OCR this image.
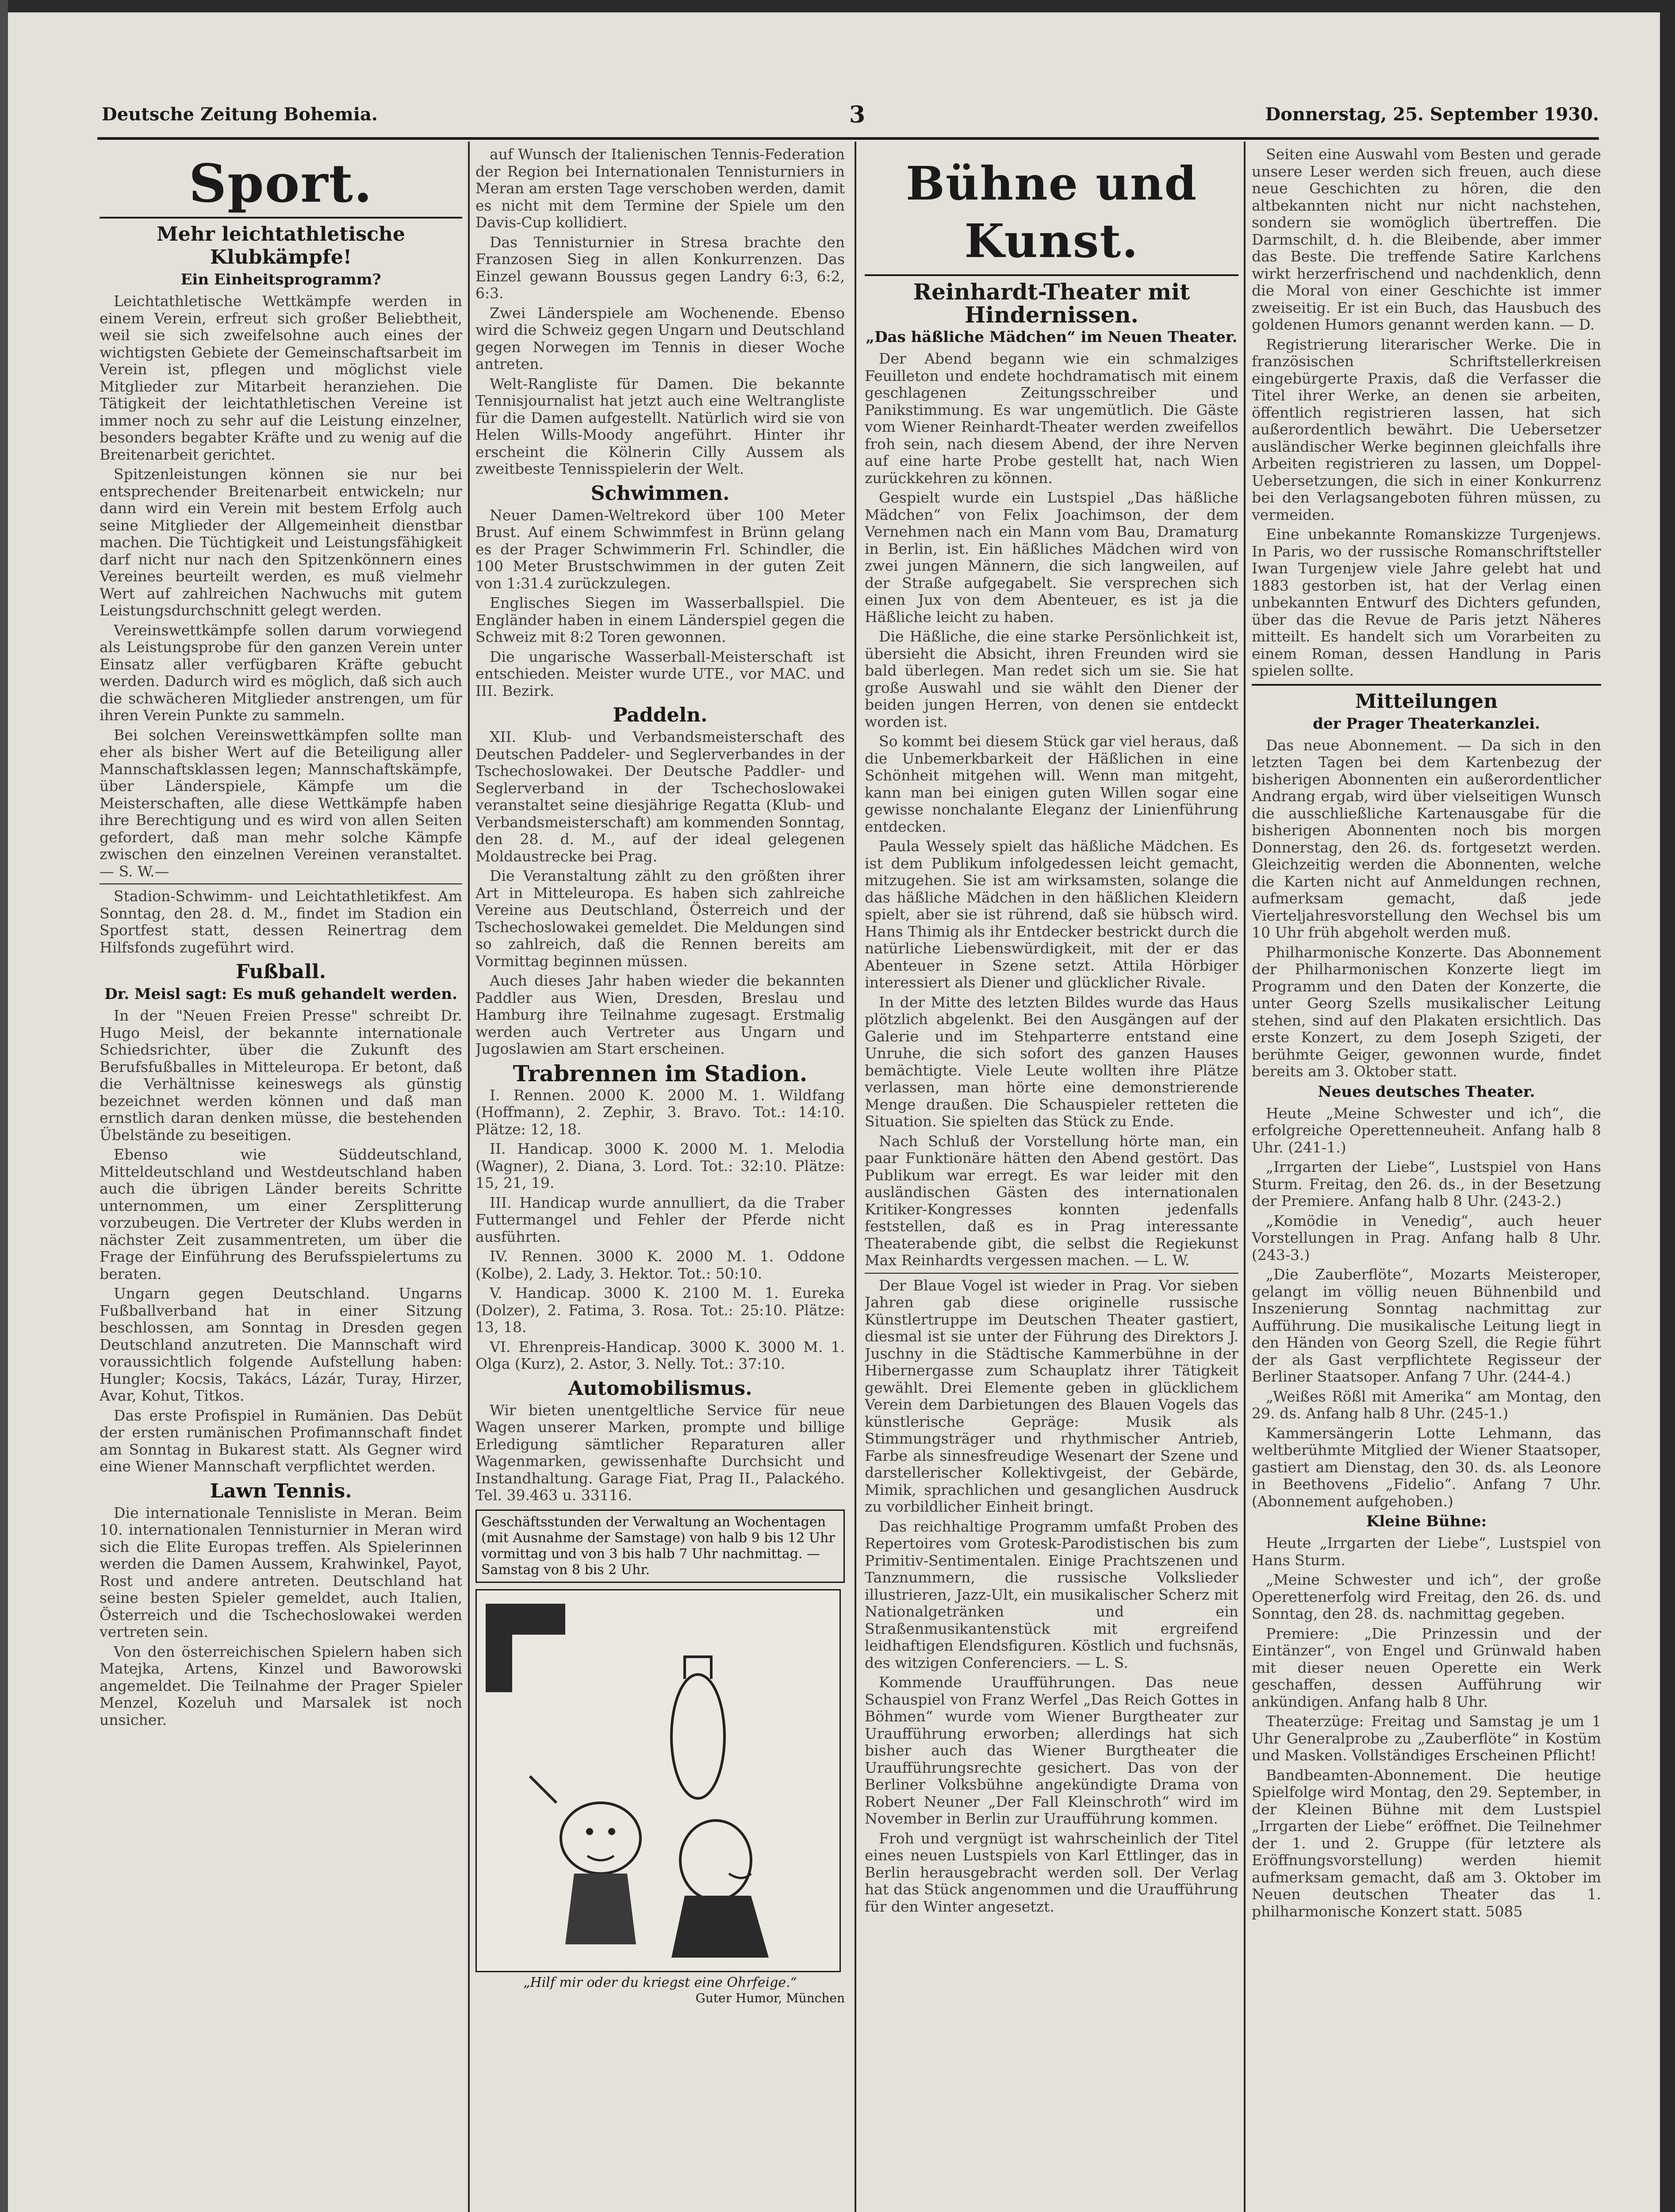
Deutsche Zeitung Bohemia.	3	Donnerstag, 25. September 1930.
Sport.
Mehr leichtathletische Klubkämpfe!
Ein Einheitsprogramm?

Leichtathletische Wettkämpfe werden in einem Verein, erfreut sich großer Beliebtheit, weil sie sich zweifelsohne auch eines der wichtigsten Gebiete der Gemeinschaftsarbeit im Verein ist, pflegen und möglichst viele Mitglieder zur Mitarbeit heranziehen. Die Tätigkeit der leichtathletischen Vereine ist immer noch zu sehr auf die Leistung einzelner, besonders begabter Kräfte und zu wenig auf die Breitenarbeit gerichtet.

Spitzenleistungen können sie nur bei entsprechender Breitenarbeit entwickeln; nur dann wird ein Verein mit bestem Erfolg auch seine Mitglieder der Allgemeinheit dienstbar machen. Die Tüchtigkeit und Leistungsfähigkeit darf nicht nur nach den Spitzenkönnern eines Vereines beurteilt werden, es muß vielmehr Wert auf zahlreichen Nachwuchs mit gutem Leistungsdurchschnitt gelegt werden.

Vereinswettkämpfe sollen darum vorwiegend als Leistungsprobe für den ganzen Verein unter Einsatz aller verfügbaren Kräfte gebucht werden. Dadurch wird es möglich, daß sich auch die schwächeren Mitglieder anstrengen, um für ihren Verein Punkte zu sammeln.

Bei solchen Vereinswettkämpfen sollte man eher als bisher Wert auf die Beteiligung aller Mannschaftsklassen legen; Mannschaftskämpfe, über Länderspiele, Kämpfe um die Meisterschaften, alle diese Wettkämpfe haben ihre Berechtigung und es wird von allen Seiten gefordert, daß man mehr solche Kämpfe zwischen den einzelnen Vereinen veranstaltet. — S. W.—

Stadion-Schwimm- und Leichtathletikfest. Am Sonntag, den 28. d. M., findet im Stadion ein Sportfest statt, dessen Reinertrag dem Hilfsfonds zugeführt wird.

Fußball.
Dr. Meisl sagt: Es muß gehandelt werden.

In der "Neuen Freien Presse" schreibt Dr. Hugo Meisl, der bekannte internationale Schiedsrichter, über die Zukunft des Berufsfußballes in Mitteleuropa. Er betont, daß die Verhältnisse keineswegs als günstig bezeichnet werden können und daß man ernstlich daran denken müsse, die bestehenden Übelstände zu beseitigen.

Ebenso wie Süddeutschland, Mitteldeutschland und Westdeutschland haben auch die übrigen Länder bereits Schritte unternommen, um einer Zersplitterung vorzubeugen. Die Vertreter der Klubs werden in nächster Zeit zusammentreten, um über die Frage der Einführung des Berufsspielertums zu beraten.

Ungarn gegen Deutschland. Ungarns Fußballverband hat in einer Sitzung beschlossen, am Sonntag in Dresden gegen Deutschland anzutreten. Die Mannschaft wird voraussichtlich folgende Aufstellung haben: Hungler; Kocsis, Takács, Lázár, Turay, Hirzer, Avar, Kohut, Titkos.

Das erste Profispiel in Rumänien. Das Debüt der ersten rumänischen Profimannschaft findet am Sonntag in Bukarest statt. Als Gegner wird eine Wiener Mannschaft verpflichtet werden.

Lawn Tennis.

Die internationale Tennisliste in Meran. Beim 10. internationalen Tennisturnier in Meran wird sich die Elite Europas treffen. Als Spielerinnen werden die Damen Aussem, Krahwinkel, Payot, Rost und andere antreten. Deutschland hat seine besten Spieler gemeldet, auch Italien, Österreich und die Tschechoslowakei werden vertreten sein.

Von den österreichischen Spielern haben sich Matejka, Artens, Kinzel und Baworowski angemeldet. Die Teilnahme der Prager Spieler Menzel, Kozeluh und Marsalek ist noch unsicher.

auf Wunsch der Italienischen Tennis-Federation der Region bei Internationalen Tennisturniers in Meran am ersten Tage verschoben werden, damit es nicht mit dem Termine der Spiele um den Davis-Cup kollidiert.

Das Tennisturnier in Stresa brachte den Franzosen Sieg in allen Konkurrenzen. Das Einzel gewann Boussus gegen Landry 6:3, 6:2, 6:3.

Zwei Länderspiele am Wochenende. Ebenso wird die Schweiz gegen Ungarn und Deutschland gegen Norwegen im Tennis in dieser Woche antreten.

Welt-Rangliste für Damen. Die bekannte Tennisjournalist hat jetzt auch eine Weltrangliste für die Damen aufgestellt. Natürlich wird sie von Helen Wills-Moody angeführt. Hinter ihr erscheint die Kölnerin Cilly Aussem als zweitbeste Tennisspielerin der Welt.

Schwimmen.

Neuer Damen-Weltrekord über 100 Meter Brust. Auf einem Schwimmfest in Brünn gelang es der Prager Schwimmerin Frl. Schindler, die 100 Meter Brustschwimmen in der guten Zeit von 1:31.4 zurückzulegen.

Englisches Siegen im Wasserballspiel. Die Engländer haben in einem Länderspiel gegen die Schweiz mit 8:2 Toren gewonnen.

Die ungarische Wasserball-Meisterschaft ist entschieden. Meister wurde UTE., vor MAC. und III. Bezirk.

Paddeln.

XII. Klub- und Verbandsmeisterschaft des Deutschen Paddeler- und Seglerverbandes in der Tschechoslowakei. Der Deutsche Paddler- und Seglerverband in der Tschechoslowakei veranstaltet seine diesjährige Regatta (Klub- und Verbandsmeisterschaft) am kommenden Sonntag, den 28. d. M., auf der ideal gelegenen Moldaustrecke bei Prag.

Die Veranstaltung zählt zu den größten ihrer Art in Mitteleuropa. Es haben sich zahlreiche Vereine aus Deutschland, Österreich und der Tschechoslowakei gemeldet. Die Meldungen sind so zahlreich, daß die Rennen bereits am Vormittag beginnen müssen.

Auch dieses Jahr haben wieder die bekannten Paddler aus Wien, Dresden, Breslau und Hamburg ihre Teilnahme zugesagt. Erstmalig werden auch Vertreter aus Ungarn und Jugoslawien am Start erscheinen.

Trabrennen im Stadion.

I. Rennen. 2000 K. 2000 M. 1. Wildfang (Hoffmann), 2. Zephir, 3. Bravo. Tot.: 14:10. Plätze: 12, 18.

II. Handicap. 3000 K. 2000 M. 1. Melodia (Wagner), 2. Diana, 3. Lord. Tot.: 32:10. Plätze: 15, 21, 19.

III. Handicap wurde annulliert, da die Traber Futtermangel und Fehler der Pferde nicht ausführten.

IV. Rennen. 3000 K. 2000 M. 1. Oddone (Kolbe), 2. Lady, 3. Hektor. Tot.: 50:10.

V. Handicap. 3000 K. 2100 M. 1. Eureka (Dolzer), 2. Fatima, 3. Rosa. Tot.: 25:10. Plätze: 13, 18.

VI. Ehrenpreis-Handicap. 3000 K. 3000 M. 1. Olga (Kurz), 2. Astor, 3. Nelly. Tot.: 37:10.

Automobilismus.

Wir bieten unentgeltliche Service für neue Wagen unserer Marken, prompte und billige Erledigung sämtlicher Reparaturen aller Wagenmarken, gewissenhafte Durchsicht und Instandhaltung. Garage Fiat, Prag II., Palackého. Tel. 39.463 u. 33116.

Geschäftsstunden der Verwaltung an Wochentagen (mit Ausnahme der Samstage) von halb 9 bis 12 Uhr vormittag und von 3 bis halb 7 Uhr nachmittag. — Samstag von 8 bis 2 Uhr.
„Hilf mir oder du kriegst eine Ohrfeige.“
Guter Humor, München
Bühne und Kunst.
Reinhardt-Theater mit Hindernissen.
„Das häßliche Mädchen“ im Neuen Theater.

Der Abend begann wie ein schmalziges Feuilleton und endete hochdramatisch mit einem geschlagenen Zeitungsschreiber und Panikstimmung. Es war ungemütlich. Die Gäste vom Wiener Reinhardt-Theater werden zweifellos froh sein, nach diesem Abend, der ihre Nerven auf eine harte Probe gestellt hat, nach Wien zurückkehren zu können.

Gespielt wurde ein Lustspiel „Das häßliche Mädchen“ von Felix Joachimson, der dem Vernehmen nach ein Mann vom Bau, Dramaturg in Berlin, ist. Ein häßliches Mädchen wird von zwei jungen Männern, die sich langweilen, auf der Straße aufgegabelt. Sie versprechen sich einen Jux von dem Abenteuer, es ist ja die Häßliche leicht zu haben.

Die Häßliche, die eine starke Persönlichkeit ist, übersieht die Absicht, ihren Freunden wird sie bald überlegen. Man redet sich um sie. Sie hat große Auswahl und sie wählt den Diener der beiden jungen Herren, von denen sie entdeckt worden ist.

So kommt bei diesem Stück gar viel heraus, daß die Unbemerkbarkeit der Häßlichen in eine Schönheit mitgehen will. Wenn man mitgeht, kann man bei einigen guten Willen sogar eine gewisse nonchalante Eleganz der Linienführung entdecken.

Paula Wessely spielt das häßliche Mädchen. Es ist dem Publikum infolgedessen leicht gemacht, mitzugehen. Sie ist am wirksamsten, solange die das häßliche Mädchen in den häßlichen Kleidern spielt, aber sie ist rührend, daß sie hübsch wird. Hans Thimig als ihr Entdecker bestrickt durch die natürliche Liebenswürdigkeit, mit der er das Abenteuer in Szene setzt. Attila Hörbiger interessiert als Diener und glücklicher Rivale.

In der Mitte des letzten Bildes wurde das Haus plötzlich abgelenkt. Bei den Ausgängen auf der Galerie und im Stehparterre entstand eine Unruhe, die sich sofort des ganzen Hauses bemächtigte. Viele Leute wollten ihre Plätze verlassen, man hörte eine demonstrierende Menge draußen. Die Schauspieler retteten die Situation. Sie spielten das Stück zu Ende.

Nach Schluß der Vorstellung hörte man, ein paar Funktionäre hätten den Abend gestört. Das Publikum war erregt. Es war leider mit den ausländischen Gästen des internationalen Kritiker-Kongresses konnten jedenfalls feststellen, daß es in Prag interessante Theaterabende gibt, die selbst die Regiekunst Max Reinhardts vergessen machen. — L. W.

Der Blaue Vogel ist wieder in Prag. Vor sieben Jahren gab diese originelle russische Künstlertruppe im Deutschen Theater gastiert, diesmal ist sie unter der Führung des Direktors J. Juschny in die Städtische Kammerbühne in der Hibernergasse zum Schauplatz ihrer Tätigkeit gewählt. Drei Elemente geben in glücklichem Verein dem Darbietungen des Blauen Vogels das künstlerische Gepräge: Musik als Stimmungsträger und rhythmischer Antrieb, Farbe als sinnesfreudige Wesenart der Szene und darstellerischer Kollektivgeist, der Gebärde, Mimik, sprachlichen und gesanglichen Ausdruck zu vorbildlicher Einheit bringt.

Das reichhaltige Programm umfaßt Proben des Repertoires vom Grotesk-Parodistischen bis zum Primitiv-Sentimentalen. Einige Prachtszenen und Tanznummern, die russische Volkslieder illustrieren, Jazz-Ult, ein musikalischer Scherz mit Nationalgetränken und ein Straßenmusikantenstück mit ergreifend leidhaftigen Elendsfiguren. Köstlich und fuchsnäs, des witzigen Conferenciers. — L. S.

Kommende Uraufführungen. Das neue Schauspiel von Franz Werfel „Das Reich Gottes in Böhmen“ wurde vom Wiener Burgtheater zur Uraufführung erworben; allerdings hat sich bisher auch das Wiener Burgtheater die Uraufführungsrechte gesichert. Das von der Berliner Volksbühne angekündigte Drama von Robert Neuner „Der Fall Kleinschroth“ wird im November in Berlin zur Uraufführung kommen.

Froh und vergnügt ist wahrscheinlich der Titel eines neuen Lustspiels von Karl Ettlinger, das in Berlin herausgebracht werden soll. Der Verlag hat das Stück angenommen und die Uraufführung für den Winter angesetzt.

Seiten eine Auswahl vom Besten und gerade unsere Leser werden sich freuen, auch diese neue Geschichten zu hören, die den altbekannten nicht nur nicht nachstehen, sondern sie womöglich übertreffen. Die Darmschilt, d. h. die Bleibende, aber immer das Beste. Die treffende Satire Karlchens wirkt herzerfrischend und nachdenklich, denn die Moral von einer Geschichte ist immer zweiseitig. Er ist ein Buch, das Hausbuch des goldenen Humors genannt werden kann. — D.

Registrierung literarischer Werke. Die in französischen Schriftstellerkreisen eingebürgerte Praxis, daß die Verfasser die Titel ihrer Werke, an denen sie arbeiten, öffentlich registrieren lassen, hat sich außerordentlich bewährt. Die Uebersetzer ausländischer Werke beginnen gleichfalls ihre Arbeiten registrieren zu lassen, um Doppel-Uebersetzungen, die sich in einer Konkurrenz bei den Verlagsangeboten führen müssen, zu vermeiden.

Eine unbekannte Romanskizze Turgenjews. In Paris, wo der russische Romanschriftsteller Iwan Turgenjew viele Jahre gelebt hat und 1883 gestorben ist, hat der Verlag einen unbekannten Entwurf des Dichters gefunden, über das die Revue de Paris jetzt Näheres mitteilt. Es handelt sich um Vorarbeiten zu einem Roman, dessen Handlung in Paris spielen sollte.

Mitteilungen
der Prager Theaterkanzlei.

Das neue Abonnement. — Da sich in den letzten Tagen bei dem Kartenbezug der bisherigen Abonnenten ein außerordentlicher Andrang ergab, wird über vielseitigen Wunsch die ausschließliche Kartenausgabe für die bisherigen Abonnenten noch bis morgen Donnerstag, den 26. ds. fortgesetzt werden. Gleichzeitig werden die Abonnenten, welche die Karten nicht auf Anmeldungen rechnen, aufmerksam gemacht, daß jede Vierteljahresvorstellung den Wechsel bis um 10 Uhr früh abgeholt werden muß.

Philharmonische Konzerte. Das Abonnement der Philharmonischen Konzerte liegt im Programm und den Daten der Konzerte, die unter Georg Szells musikalischer Leitung stehen, sind auf den Plakaten ersichtlich. Das erste Konzert, zu dem Joseph Szigeti, der berühmte Geiger, gewonnen wurde, findet bereits am 3. Oktober statt.

Neues deutsches Theater.

Heute „Meine Schwester und ich“, die erfolgreiche Operettenneuheit. Anfang halb 8 Uhr. (241-1.)

„Irrgarten der Liebe“, Lustspiel von Hans Sturm. Freitag, den 26. ds., in der Besetzung der Premiere. Anfang halb 8 Uhr. (243-2.)

„Komödie in Venedig“, auch heuer Vorstellungen in Prag. Anfang halb 8 Uhr. (243-3.)

„Die Zauberflöte“, Mozarts Meisteroper, gelangt im völlig neuen Bühnenbild und Inszenierung Sonntag nachmittag zur Aufführung. Die musikalische Leitung liegt in den Händen von Georg Szell, die Regie führt der als Gast verpflichtete Regisseur der Berliner Staatsoper. Anfang 7 Uhr. (244-4.)

„Weißes Rößl mit Amerika“ am Montag, den 29. ds. Anfang halb 8 Uhr. (245-1.)

Kammersängerin Lotte Lehmann, das weltberühmte Mitglied der Wiener Staatsoper, gastiert am Dienstag, den 30. ds. als Leonore in Beethovens „Fidelio“. Anfang 7 Uhr. (Abonnement aufgehoben.)

Kleine Bühne:

Heute „Irrgarten der Liebe“, Lustspiel von Hans Sturm.

„Meine Schwester und ich“, der große Operettenerfolg wird Freitag, den 26. ds. und Sonntag, den 28. ds. nachmittag gegeben.

Premiere: „Die Prinzessin und der Eintänzer“, von Engel und Grünwald haben mit dieser neuen Operette ein Werk geschaffen, dessen Aufführung wir ankündigen. Anfang halb 8 Uhr.

Theaterzüge: Freitag und Samstag je um 1 Uhr Generalprobe zu „Zauberflöte“ in Kostüm und Masken. Vollständiges Erscheinen Pflicht!

Bandbeamten-Abonnement. Die heutige Spielfolge wird Montag, den 29. September, in der Kleinen Bühne mit dem Lustspiel „Irrgarten der Liebe“ eröffnet. Die Teilnehmer der 1. und 2. Gruppe (für letztere als Eröffnungsvorstellung) werden hiemit aufmerksam gemacht, daß am 3. Oktober im Neuen deutschen Theater das 1. philharmonische Konzert statt. 5085
